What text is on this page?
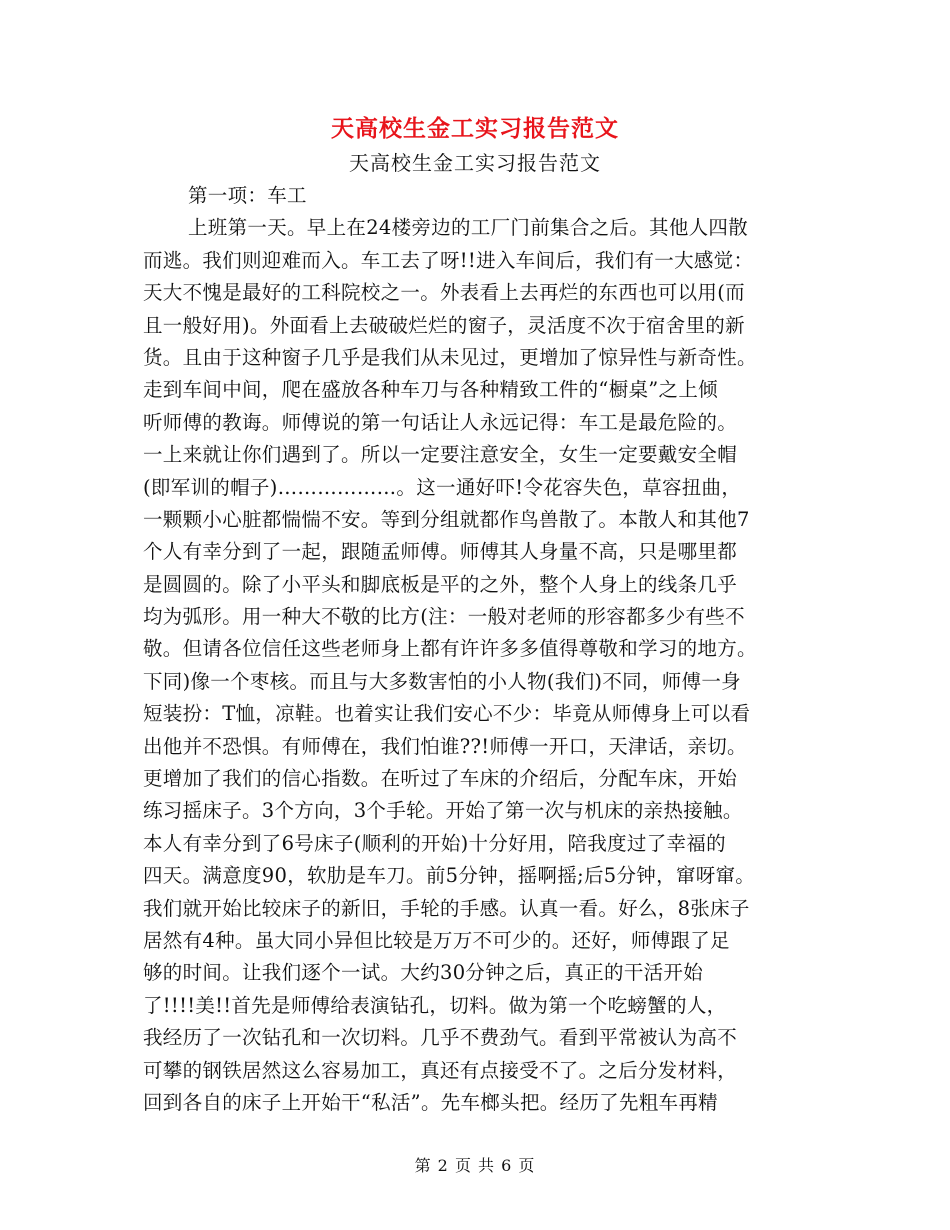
天高校生金工实习报告范文
天高校生金工实习报告范文
第一项：车工
上班第一天。早上在24楼旁边的工厂门前集合之后。其他人四散
而逃。我们则迎难而入。车工去了呀!!进入车间后，我们有一大感觉：
天大不愧是最好的工科院校之一。外表看上去再烂的东西也可以用(而
且一般好用)。外面看上去破破烂烂的窗子，灵活度不次于宿舍里的新
货。且由于这种窗子几乎是我们从未见过，更增加了惊异性与新奇性。
走到车间中间，爬在盛放各种车刀与各种精致工件的“橱桌”之上倾
听师傅的教诲。师傅说的第一句话让人永远记得：车工是最危险的。
一上来就让你们遇到了。所以一定要注意安全，女生一定要戴安全帽
(即军训的帽子)………………。这一通好吓!令花容失色，草容扭曲，
一颗颗小心脏都惴惴不安。等到分组就都作鸟兽散了。本散人和其他7
个人有幸分到了一起，跟随孟师傅。师傅其人身量不高，只是哪里都
是圆圆的。除了小平头和脚底板是平的之外，整个人身上的线条几乎
均为弧形。用一种大不敬的比方(注：一般对老师的形容都多少有些不
敬。但请各位信任这些老师身上都有许许多多值得尊敬和学习的地方。
下同)像一个枣核。而且与大多数害怕的小人物(我们)不同，师傅一身
短装扮：T恤，凉鞋。也着实让我们安心不少：毕竟从师傅身上可以看
出他并不恐惧。有师傅在，我们怕谁??!师傅一开口，天津话，亲切。
更增加了我们的信心指数。在听过了车床的介绍后，分配车床，开始
练习摇床子。3个方向，3个手轮。开始了第一次与机床的亲热接触。
本人有幸分到了6号床子(顺利的开始)十分好用，陪我度过了幸福的
四天。满意度90，软肋是车刀。前5分钟，摇啊摇;后5分钟，窜呀窜。
我们就开始比较床子的新旧，手轮的手感。认真一看。好么，8张床子
居然有4种。虽大同小异但比较是万万不可少的。还好，师傅跟了足
够的时间。让我们逐个一试。大约30分钟之后，真正的干活开始
了!!!!美!!首先是师傅给表演钻孔，切料。做为第一个吃螃蟹的人，
我经历了一次钻孔和一次切料。几乎不费劲气。看到平常被认为高不
可攀的钢铁居然这么容易加工，真还有点接受不了。之后分发材料，
回到各自的床子上开始干“私活”。先车榔头把。经历了先粗车再精
第 2 页 共 6 页
